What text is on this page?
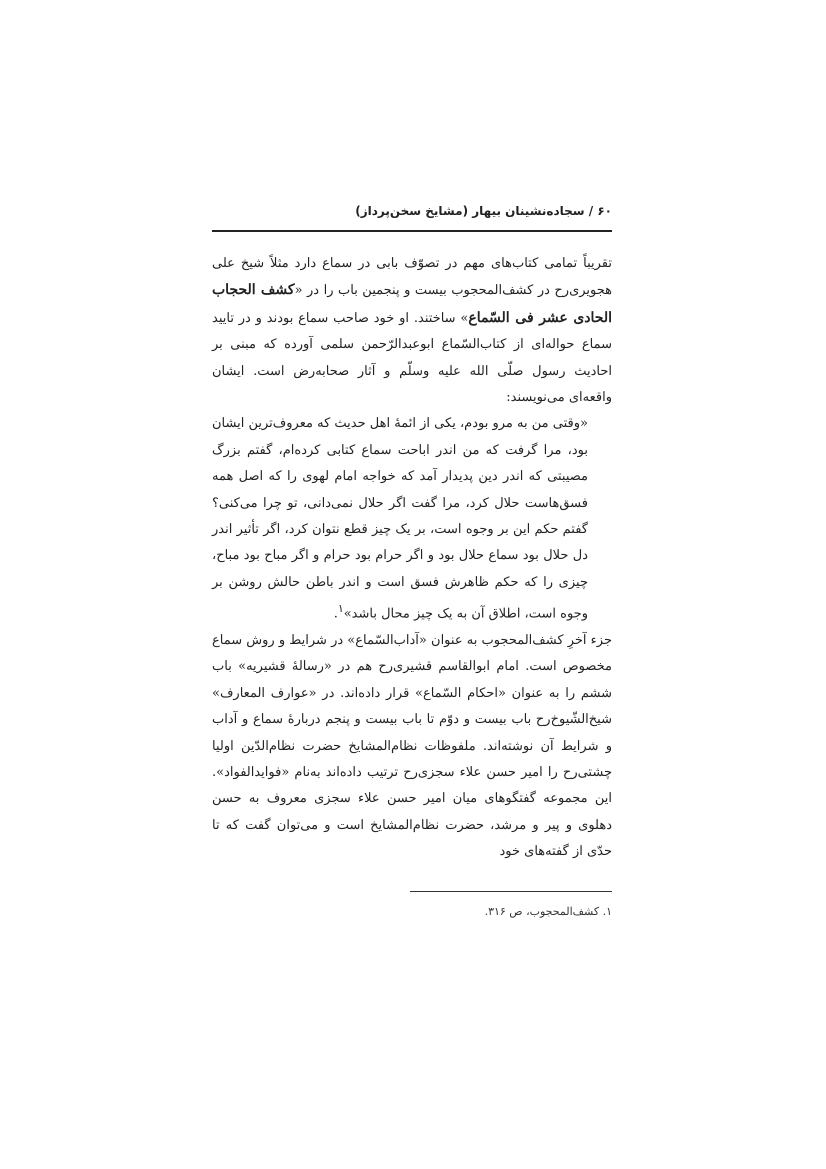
۶۰ / سجاده‌نشینان بیهار (مشایخ سخن‌پرداز)

تقریباً تمامی کتاب‌های مهم در تصوّف بابی در سماع دارد مثلاً شیخ علی هجویری‌رح در کشف‌المحجوب بیست و پنجمین باب را در «کشف الحجاب الحادی عشر فی السّماع» ساختند. او خود صاحب سماع بودند و در تایید سماع حواله‌ای از کتاب‌السّماع ابوعبدالرّحمن سلمی آورده که مبنی بر احادیث رسول صلّی الله علیه وسلّم و آثار صحابه‌رض است. ایشان واقعه‌ای می‌نویسند:

«وقتی من به مرو بودم، یکی از ائمهٔ اهل حدیث که معروف‌ترین ایشان بود، مرا گرفت که من اندر اباحت سماع کتابی کرده‌ام، گفتم بزرگ مصیبتی که اندر دین پدیدار آمد که خواجه امام لهوی را که اصل همه فسق‌هاست حلال کرد، مرا گفت اگر حلال نمی‌دانی، تو چرا می‌کنی؟ گفتم حکم این بر وجوه است، بر یک چیز قطع نتوان کرد، اگر تأثیر اندر دل حلال بود سماع حلال بود و اگر حرام بود حرام و اگر مباح بود مباح، چیزی را که حکم ظاهرش فسق است و اندر باطن حالش روشن بر وجوه است، اطلاق آن به یک چیز محال باشد»$^۱$.

جزء آخرِ کشف‌المحجوب به عنوان «آداب‌السّماع» در شرایط و روش سماع مخصوص است. امام ابوالقاسم قشیری‌رح هم در «رسالهٔ قشیریه» باب ششم را به عنوان «احکام السّماع» قرار داده‌اند. در «عوارف المعارف» شیخ‌الشّیوخ‌رح باب بیست و دوّم تا باب بیست و پنجم دربارهٔ سماع و آداب و شرایط آن نوشته‌اند. ملفوظات نظام‌المشایخ حضرت نظام‌الدّین اولیا چشتی‌رح را امیر حسن علاء سجزی‌رح ترتیب داده‌اند به‌نام «فوایدالفواد». این مجموعه گفتگوهای میان امیر حسن علاء سجزی معروف به حسن دهلوی و پیر و مرشد، حضرت نظام‌المشایخ است و می‌توان گفت که تا حدّی از گفته‌های خود

۱. کشف‌المحجوب، ص ۳۱۶.
